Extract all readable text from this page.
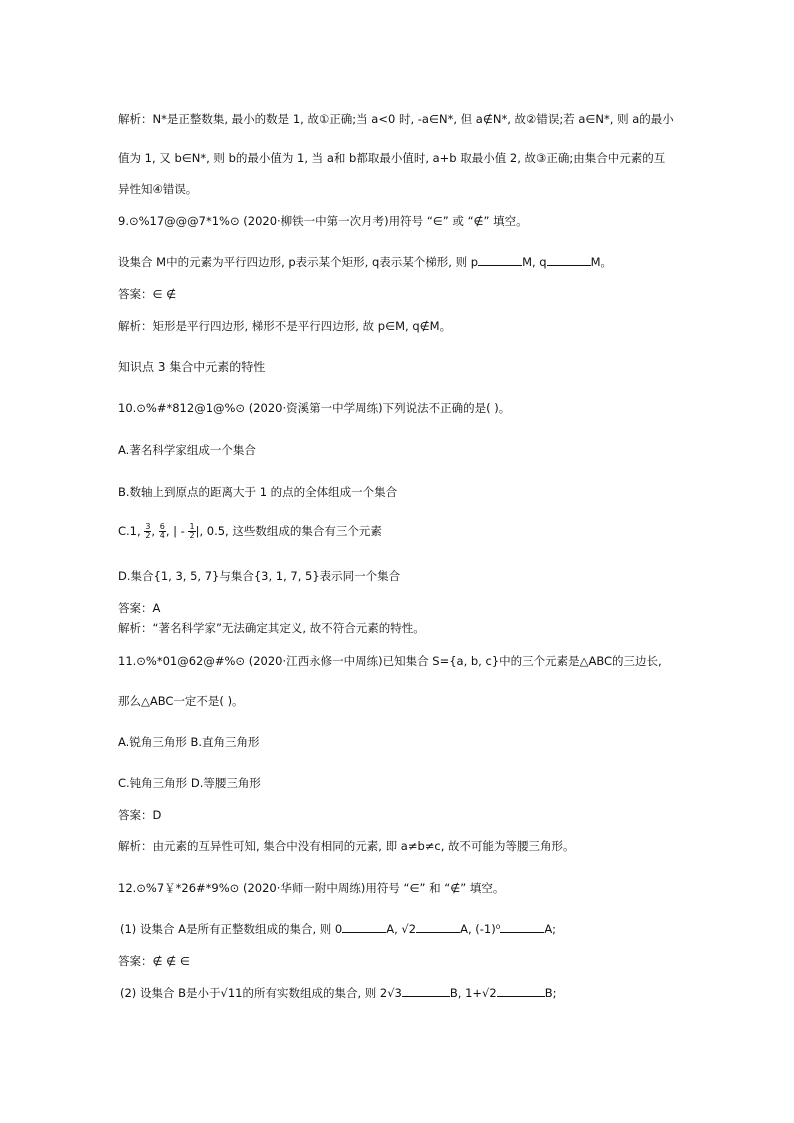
解析：N*是正整数集, 最小的数是 1, 故①正确;当 a<0 时, -a∈N*, 但 a∉N*, 故②错误;若 a∈N*, 则 a的最小
值为 1, 又 b∈N*, 则 b的最小值为 1, 当 a和 b都取最小值时, a+b 取最小值 2, 故③正确;由集合中元素的互
异性知④错误。
9.⊙%17@@@7*1%⊙ (2020·柳铁一中第一次月考)用符号 “∈” 或 “∉” 填空。
设集合 M中的元素为平行四边形, p表示某个矩形, q表示某个梯形, 则 p	M, q	M。
答案：∈ ∉
解析：矩形是平行四边形, 梯形不是平行四边形, 故 p∈M, q∉M。
知识点 3 集合中元素的特性
10.⊙%#*812@1@%⊙ (2020·资溪第一中学周练)下列说法不正确的是( )。
A.著名科学家组成一个集合
B.数轴上到原点的距离大于 1 的点的全体组成一个集合
C.1, $\frac{3}{2}$ , $\frac{6}{4}$ , | - $\frac{1}{2}$ |, 0.5, 这些数组成的集合有三个元素
D.集合{1, 3, 5, 7}与集合{3, 1, 7, 5}表示同一个集合
答案：A
解析：“著名科学家”无法确定其定义, 故不符合元素的特性。
11.⊙%*01@62@#%⊙ (2020·江西永修一中周练)已知集合 S={a, b, c}中的三个元素是△ABC的三边长,
那么△ABC一定不是( )。
A.锐角三角形 B.直角三角形
C.钝角三角形 D.等腰三角形
答案：D
解析：由元素的互异性可知, 集合中没有相同的元素, 即 a≠b≠c, 故不可能为等腰三角形。
12.⊙%7￥*26#*9%⊙ (2020·华师一附中周练)用符号 “∈” 和 “∉” 填空。
(1) 设集合 A是所有正整数组成的集合, 则 0	A, √2	A, (-1)⁰	A;
答案：∉ ∉ ∈
(2) 设集合 B是小于√11的所有实数组成的集合, 则 2√3	B, 1+√2	B;
